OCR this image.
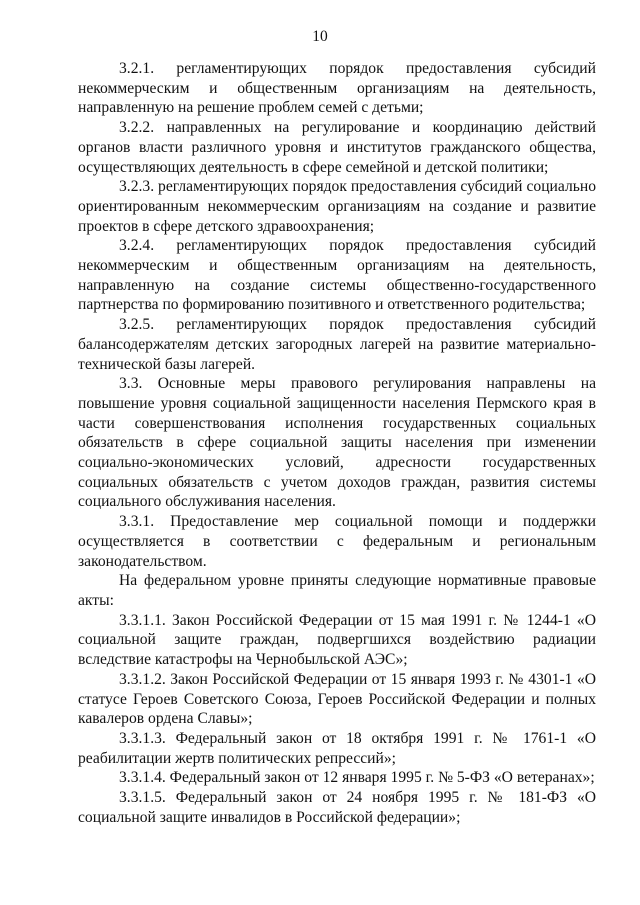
10

3.2.1. регламентирующих порядок предоставления субсидий некоммерческим и общественным организациям на деятельность, направленную на решение проблем семей с детьми;

3.2.2. направленных на регулирование и координацию действий органов власти различного уровня и институтов гражданского общества, осуществляющих деятельность в сфере семейной и детской политики;

3.2.3. регламентирующих порядок предоставления субсидий социально ориентированным некоммерческим организациям на создание и развитие проектов в сфере детского здравоохранения;

3.2.4. регламентирующих порядок предоставления субсидий некоммерческим и общественным организациям на деятельность, направленную на создание системы общественно-государственного партнерства по формированию позитивного и ответственного родительства;

3.2.5. регламентирующих порядок предоставления субсидий балансодержателям детских загородных лагерей на развитие материально-технической базы лагерей.

3.3. Основные меры правового регулирования направлены на повышение уровня социальной защищенности населения Пермского края в части совершенствования исполнения государственных социальных обязательств в сфере социальной защиты населения при изменении социально-экономических условий, адресности государственных социальных обязательств с учетом доходов граждан, развития системы социального обслуживания населения.

3.3.1. Предоставление мер социальной помощи и поддержки осуществляется в соответствии с федеральным и региональным законодательством.

На федеральном уровне приняты следующие нормативные правовые акты:

3.3.1.1. Закон Российской Федерации от 15 мая 1991 г. № 1244-1 «О социальной защите граждан, подвергшихся воздействию радиации вследствие катастрофы на Чернобыльской АЭС»;

3.3.1.2. Закон Российской Федерации от 15 января 1993 г. № 4301-1 «О статусе Героев Советского Союза, Героев Российской Федерации и полных кавалеров ордена Славы»;

3.3.1.3. Федеральный закон от 18 октября 1991 г. № 1761-1 «О реабилитации жертв политических репрессий»;

3.3.1.4. Федеральный закон от 12 января 1995 г. № 5-ФЗ «О ветеранах»;

3.3.1.5. Федеральный закон от 24 ноября 1995 г. № 181-ФЗ «О социальной защите инвалидов в Российской федерации»;
